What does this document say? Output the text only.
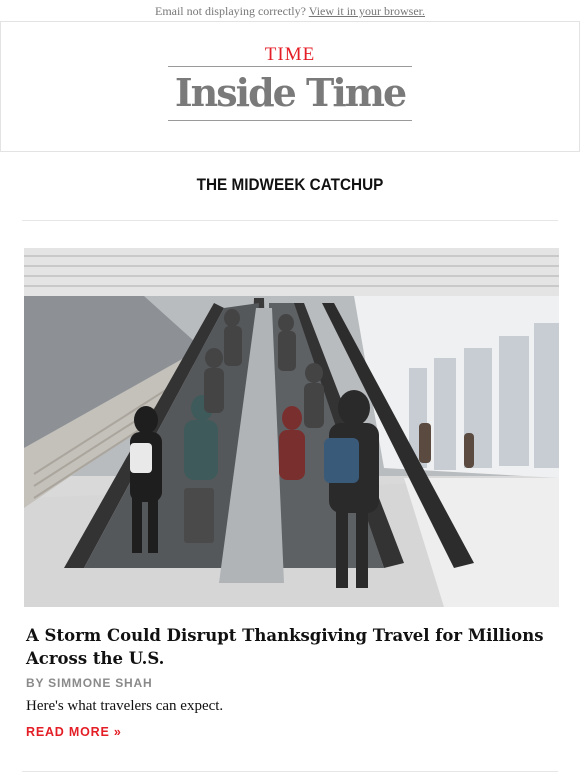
Email not displaying correctly? View it in your browser.
TIME
Inside Time
THE MIDWEEK CATCHUP
A Storm Could Disrupt Thanksgiving Travel for Millions Across the U.S.
BY SIMMONE SHAH
Here's what travelers can expect.
READ MORE »
